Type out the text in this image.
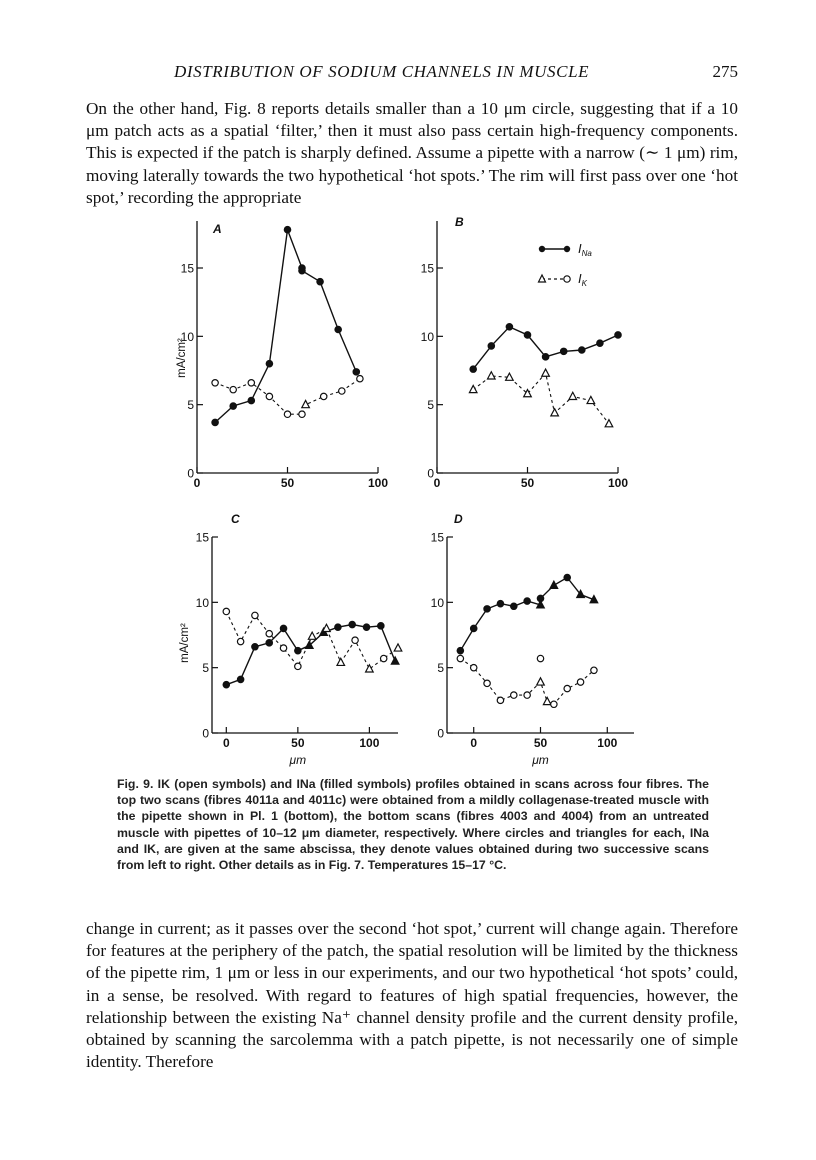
DISTRIBUTION OF SODIUM CHANNELS IN MUSCLE	275

On the other hand, Fig. 8 reports details smaller than a 10 μm circle, suggesting that if a 10 μm patch acts as a spatial ‘filter,’ then it must also pass certain high-frequency components. This is expected if the patch is sharply defined. Assume a pipette with a narrow (∼ 1 μm) rim, moving laterally towards the two hypothetical ‘hot spots.’ The rim will first pass over one ‘hot spot,’ recording the appropriate

A
0
5
10
15
0	50	100
mA/cm²
B
0
5
10
15
0	50	100
C
0
5
10
15
0	50	100
mA/cm²
μm
D
0
5
10
15
0	50	100
μm
$I_{Na}$
$I_K$

Fig. 9. IK (open symbols) and INa (filled symbols) profiles obtained in scans across four fibres. The top two scans (fibres 4011a and 4011c) were obtained from a mildly collagenase-treated muscle with the pipette shown in Pl. 1 (bottom), the bottom scans (fibres 4003 and 4004) from an untreated muscle with pipettes of 10–12 μm diameter, respectively. Where circles and triangles for each, INa and IK, are given at the same abscissa, they denote values obtained during two successive scans from left to right. Other details as in Fig. 7. Temperatures 15–17 °C.

change in current; as it passes over the second ‘hot spot,’ current will change again. Therefore for features at the periphery of the patch, the spatial resolution will be limited by the thickness of the pipette rim, 1 μm or less in our experiments, and our two hypothetical ‘hot spots’ could, in a sense, be resolved. With regard to features of high spatial frequencies, however, the relationship between the existing Na⁺ channel density profile and the current density profile, obtained by scanning the sarcolemma with a patch pipette, is not necessarily one of simple identity. Therefore
